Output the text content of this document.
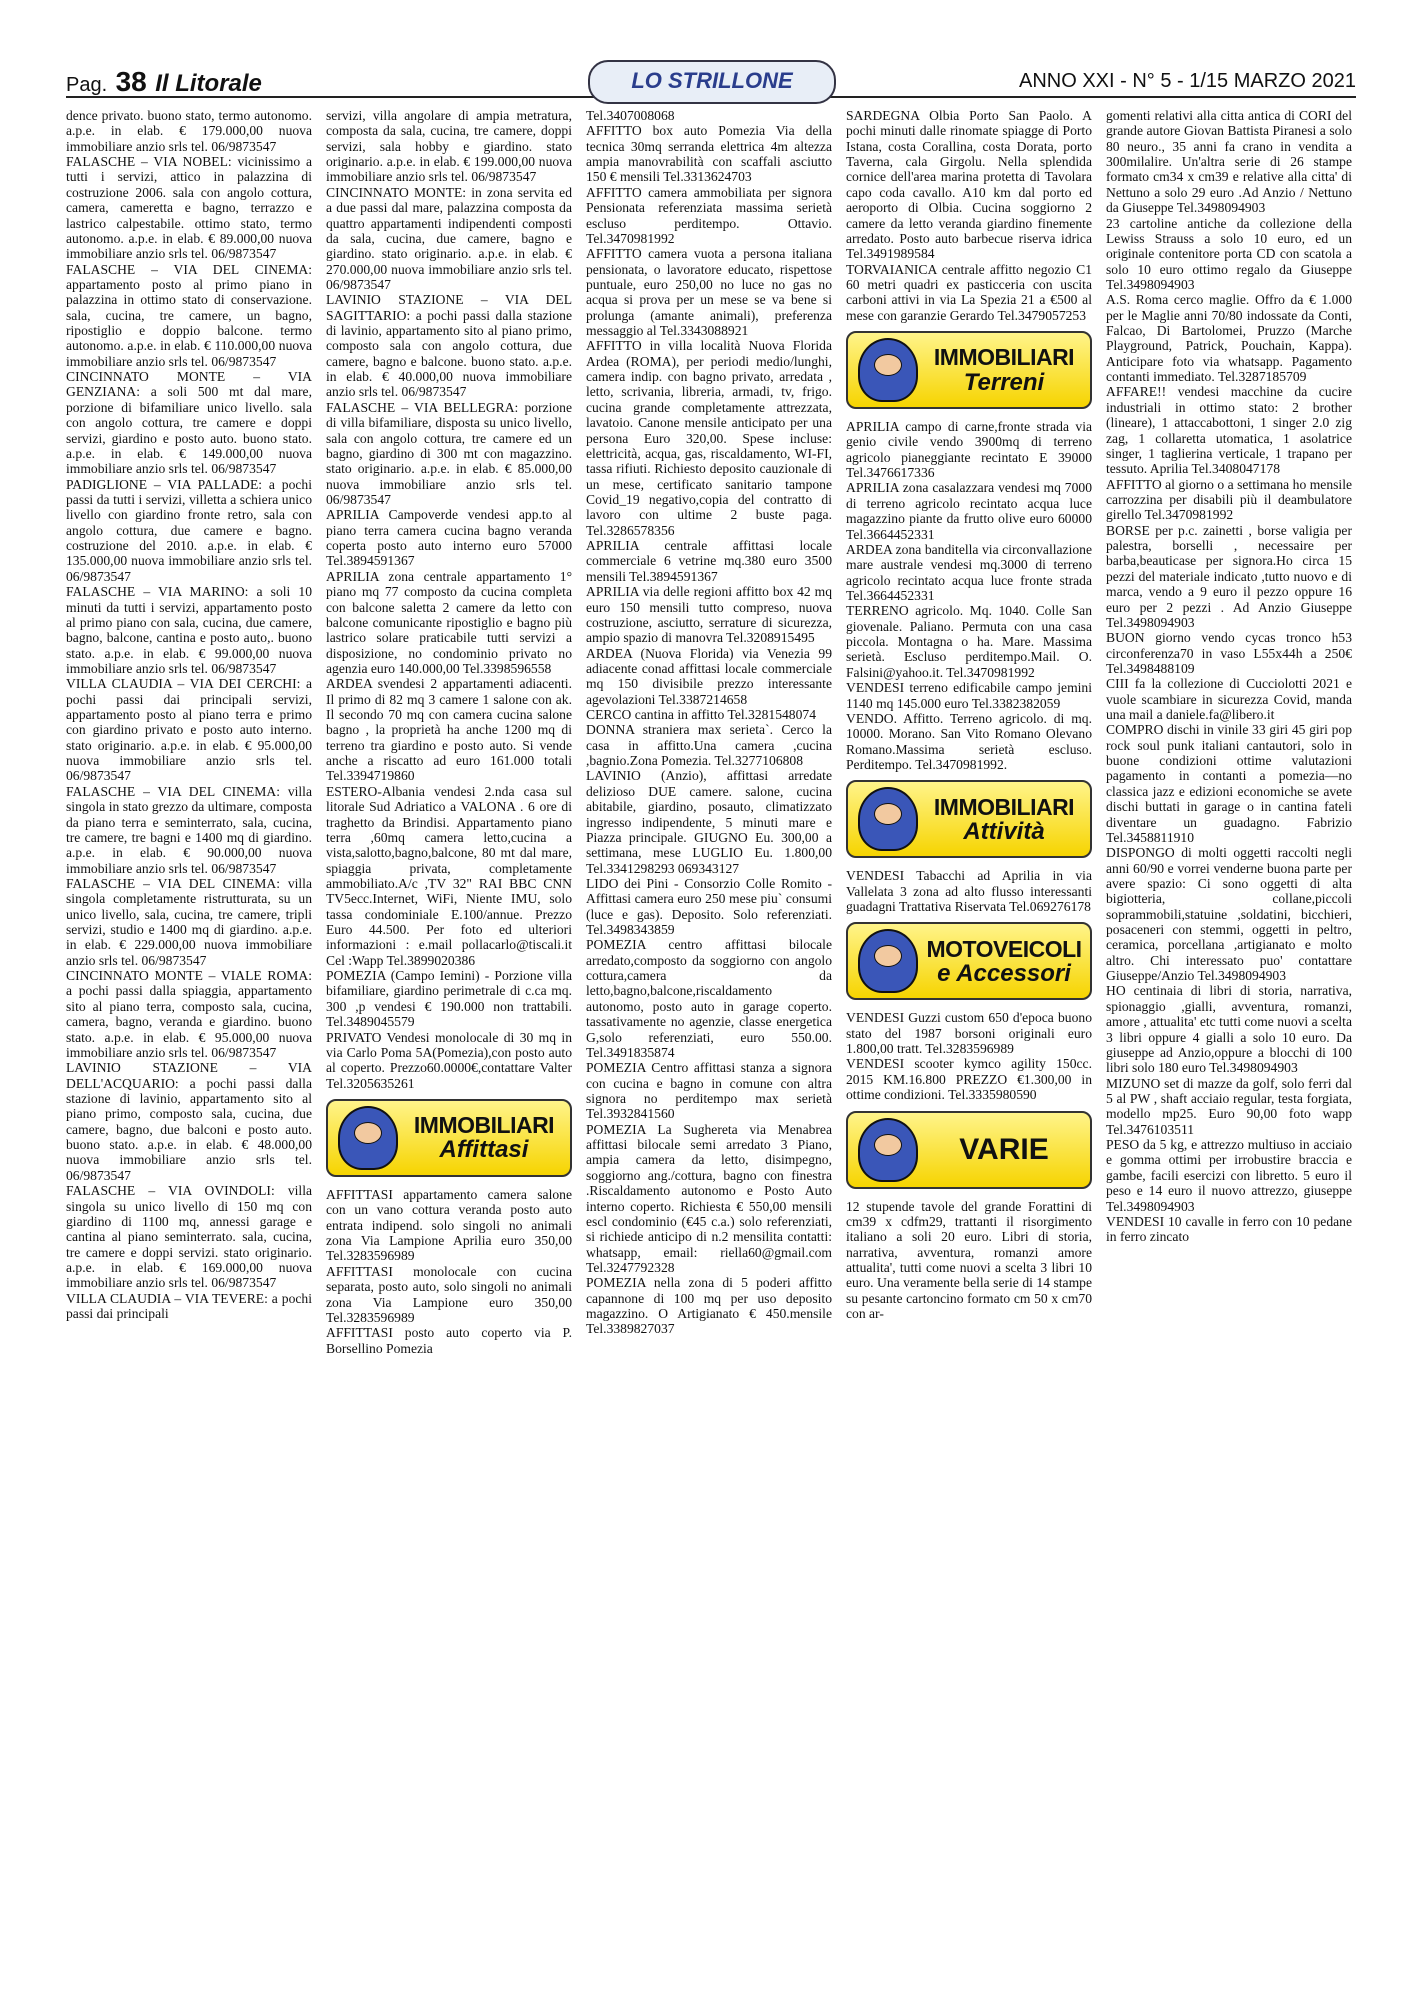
Pag. 38 Il Litorale	ANNO XXI - N° 5 - 1/15 MARZO 2021
LO STRILLONE

dence privato. buono stato, termo autonomo. a.p.e. in elab. € 179.000,00 nuova immobiliare anzio srls tel. 06/9873547

FALASCHE – VIA NOBEL: vicinissimo a tutti i servizi, attico in palazzina di costruzione 2006. sala con angolo cottura, camera, cameretta e bagno, terrazzo e lastrico calpestabile. ottimo stato, termo autonomo. a.p.e. in elab. € 89.000,00 nuova immobiliare anzio srls tel. 06/9873547

FALASCHE – VIA DEL CINEMA: appartamento posto al primo piano in palazzina in ottimo stato di conservazione. sala, cucina, tre camere, un bagno, ripostiglio e doppio balcone. termo autonomo. a.p.e. in elab. € 110.000,00 nuova immobiliare anzio srls tel. 06/9873547

CINCINNATO MONTE – VIA GENZIANA: a soli 500 mt dal mare, porzione di bifamiliare unico livello. sala con angolo cottura, tre camere e doppi servizi, giardino e posto auto. buono stato. a.p.e. in elab. € 149.000,00 nuova immobiliare anzio srls tel. 06/9873547

PADIGLIONE – VIA PALLADE: a pochi passi da tutti i servizi, villetta a schiera unico livello con giardino fronte retro, sala con angolo cottura, due camere e bagno. costruzione del 2010. a.p.e. in elab. € 135.000,00 nuova immobiliare anzio srls tel. 06/9873547

FALASCHE – VIA MARINO: a soli 10 minuti da tutti i servizi, appartamento posto al primo piano con sala, cucina, due camere, bagno, balcone, cantina e posto auto,. buono stato. a.p.e. in elab. € 99.000,00 nuova immobiliare anzio srls tel. 06/9873547

VILLA CLAUDIA – VIA DEI CERCHI: a pochi passi dai principali servizi, appartamento posto al piano terra e primo con giardino privato e posto auto interno. stato originario. a.p.e. in elab. € 95.000,00 nuova immobiliare anzio srls tel. 06/9873547

FALASCHE – VIA DEL CINEMA: villa singola in stato grezzo da ultimare, composta da piano terra e seminterrato, sala, cucina, tre camere, tre bagni e 1400 mq di giardino. a.p.e. in elab. € 90.000,00 nuova immobiliare anzio srls tel. 06/9873547

FALASCHE – VIA DEL CINEMA: villa singola completamente ristrutturata, su un unico livello, sala, cucina, tre camere, tripli servizi, studio e 1400 mq di giardino. a.p.e. in elab. € 229.000,00 nuova immobiliare anzio srls tel. 06/9873547

CINCINNATO MONTE – VIALE ROMA: a pochi passi dalla spiaggia, appartamento sito al piano terra, composto sala, cucina, camera, bagno, veranda e giardino. buono stato. a.p.e. in elab. € 95.000,00 nuova immobiliare anzio srls tel. 06/9873547

LAVINIO STAZIONE – VIA DELL'ACQUARIO: a pochi passi dalla stazione di lavinio, appartamento sito al piano primo, composto sala, cucina, due camere, bagno, due balconi e posto auto. buono stato. a.p.e. in elab. € 48.000,00 nuova immobiliare anzio srls tel. 06/9873547

FALASCHE – VIA OVINDOLI: villa singola su unico livello di 150 mq con giardino di 1100 mq, annessi garage e cantina al piano seminterrato. sala, cucina, tre camere e doppi servizi. stato originario. a.p.e. in elab. € 169.000,00 nuova immobiliare anzio srls tel. 06/9873547

VILLA CLAUDIA – VIA TEVERE: a pochi passi dai principali

servizi, villa angolare di ampia metratura, composta da sala, cucina, tre camere, doppi servizi, sala hobby e giardino. stato originario. a.p.e. in elab. € 199.000,00 nuova immobiliare anzio srls tel. 06/9873547

CINCINNATO MONTE: in zona servita ed a due passi dal mare, palazzina composta da quattro appartamenti indipendenti composti da sala, cucina, due camere, bagno e giardino. stato originario. a.p.e. in elab. € 270.000,00 nuova immobiliare anzio srls tel. 06/9873547

LAVINIO STAZIONE – VIA DEL SAGITTARIO: a pochi passi dalla stazione di lavinio, appartamento sito al piano primo, composto sala con angolo cottura, due camere, bagno e balcone. buono stato. a.p.e. in elab. € 40.000,00 nuova immobiliare anzio srls tel. 06/9873547

FALASCHE – VIA BELLEGRA: porzione di villa bifamiliare, disposta su unico livello, sala con angolo cottura, tre camere ed un bagno, giardino di 300 mt con magazzino. stato originario. a.p.e. in elab. € 85.000,00 nuova immobiliare anzio srls tel. 06/9873547

APRILIA Campoverde vendesi app.to al piano terra camera cucina bagno veranda coperta posto auto interno euro 57000 Tel.3894591367

APRILIA zona centrale appartamento 1° piano mq 77 composto da cucina completa con balcone saletta 2 camere da letto con balcone comunicante ripostiglio e bagno più lastrico solare praticabile tutti servizi a disposizione, no condominio privato no agenzia euro 140.000,00 Tel.3398596558

ARDEA svendesi 2 appartamenti adiacenti. Il primo di 82 mq 3 camere 1 salone con ak. Il secondo 70 mq con camera cucina salone bagno , la proprietà ha anche 1200 mq di terreno tra giardino e posto auto. Si vende anche a riscatto ad euro 161.000 totali Tel.3394719860

ESTERO-Albania vendesi 2.nda casa sul litorale Sud Adriatico a VALONA . 6 ore di traghetto da Brindisi. Appartamento piano terra ,60mq camera letto,cucina a vista,salotto,bagno,balcone, 80 mt dal mare, spiaggia privata, completamente ammobiliato.A/c ,TV 32" RAI BBC CNN TV5ecc.Internet, WiFi, Niente IMU, solo tassa condominiale E.100/annue. Prezzo Euro 44.500. Per foto ed ulteriori informazioni : e.mail pollacarlo@tiscali.it Cel :Wapp Tel.3899020386

POMEZIA (Campo Iemini) - Porzione villa bifamiliare, giardino perimetrale di c.ca mq. 300 ,p vendesi € 190.000 non trattabili. Tel.3489045579

PRIVATO Vendesi monolocale di 30 mq in via Carlo Poma 5A(Pomezia),con posto auto al coperto. Prezzo60.0000€,contattare Valter Tel.3205635261

IMMOBILIARI
Affittasi

AFFITTASI appartamento camera salone con un vano cottura veranda posto auto entrata indipend. solo singoli no animali zona Via Lampione Aprilia euro 350,00 Tel.3283596989

AFFITTASI monolocale con cucina separata, posto auto, solo singoli no animali zona Via Lampione euro 350,00 Tel.3283596989

AFFITTASI posto auto coperto via P. Borsellino Pomezia

Tel.3407008068

AFFITTO box auto Pomezia Via della tecnica 30mq serranda elettrica 4m altezza ampia manovrabilità con scaffali asciutto 150 € mensili Tel.3313624703

AFFITTO camera ammobiliata per signora Pensionata referenziata massima serietà escluso perditempo. Ottavio. Tel.3470981992

AFFITTO camera vuota a persona italiana pensionata, o lavoratore educato, rispettose puntuale, euro 250,00 no luce no gas no acqua si prova per un mese se va bene si prolunga (amante animali), preferenza messaggio al Tel.3343088921

AFFITTO in villa località Nuova Florida Ardea (ROMA), per periodi medio/lunghi, camera indip. con bagno privato, arredata , letto, scrivania, libreria, armadi, tv, frigo. cucina grande completamente attrezzata, lavatoio. Canone mensile anticipato per una persona Euro 320,00. Spese incluse: elettricità, acqua, gas, riscaldamento, WI-FI, tassa rifiuti. Richiesto deposito cauzionale di un mese, certificato sanitario tampone Covid_19 negativo,copia del contratto di lavoro con ultime 2 buste paga. Tel.3286578356

APRILIA centrale affittasi locale commerciale 6 vetrine mq.380 euro 3500 mensili Tel.3894591367

APRILIA via delle regioni affitto box 42 mq euro 150 mensili tutto compreso, nuova costruzione, asciutto, serrature di sicurezza, ampio spazio di manovra Tel.3208915495

ARDEA (Nuova Florida) via Venezia 99 adiacente conad affittasi locale commerciale mq 150 divisibile prezzo interessante agevolazioni Tel.3387214658

CERCO cantina in affitto Tel.3281548074

DONNA straniera max serieta`. Cerco la casa in affitto.Una camera ,cucina ,bagnio.Zona Pomezia. Tel.3277106808

LAVINIO (Anzio), affittasi arredate delizioso DUE camere. salone, cucina abitabile, giardino, posauto, climatizzato ingresso indipendente, 5 minuti mare e Piazza principale. GIUGNO Eu. 300,00 a settimana, mese LUGLIO Eu. 1.800,00 Tel.3341298293 069343127

LIDO dei Pini - Consorzio Colle Romito - Affittasi camera euro 250 mese piu` consumi (luce e gas). Deposito. Solo referenziati. Tel.3498343859

POMEZIA centro affittasi bilocale arredato,composto da soggiorno con angolo cottura,camera da letto,bagno,balcone,riscaldamento autonomo, posto auto in garage coperto. tassativamente no agenzie, classe energetica G,solo referenziati, euro 550.00. Tel.3491835874

POMEZIA Centro affittasi stanza a signora con cucina e bagno in comune con altra signora no perditempo max serietà Tel.3932841560

POMEZIA La Sughereta via Menabrea affittasi bilocale semi arredato 3 Piano, ampia camera da letto, disimpegno, soggiorno ang./cottura, bagno con finestra .Riscaldamento autonomo e Posto Auto interno coperto. Richiesta € 550,00 mensili escl condominio (€45 c.a.) solo referenziati, si richiede anticipo di n.2 mensilita contatti: whatsapp, email: riella60@gmail.com Tel.3247792328

POMEZIA nella zona di 5 poderi affitto capannone di 100 mq per uso deposito magazzino. O Artigianato € 450.mensile Tel.3389827037

SARDEGNA Olbia Porto San Paolo. A pochi minuti dalle rinomate spiagge di Porto Istana, costa Corallina, costa Dorata, porto Taverna, cala Girgolu. Nella splendida cornice dell'area marina protetta di Tavolara capo coda cavallo. A10 km dal porto ed aeroporto di Olbia. Cucina soggiorno 2 camere da letto veranda giardino finemente arredato. Posto auto barbecue riserva idrica Tel.3491989584

TORVAIANICA centrale affitto negozio C1 60 metri quadri ex pasticceria con uscita carboni attivi in via La Spezia 21 a €500 al mese con garanzie Gerardo Tel.3479057253

IMMOBILIARI
Terreni

APRILIA campo di carne,fronte strada via genio civile vendo 3900mq di terreno agricolo pianeggiante recintato E 39000 Tel.3476617336

APRILIA zona casalazzara vendesi mq 7000 di terreno agricolo recintato acqua luce magazzino piante da frutto olive euro 60000 Tel.3664452331

ARDEA zona banditella via circonvallazione mare australe vendesi mq.3000 di terreno agricolo recintato acqua luce fronte strada Tel.3664452331

TERRENO agricolo. Mq. 1040. Colle San giovenale. Paliano. Permuta con una casa piccola. Montagna o ha. Mare. Massima serietà. Escluso perditempo.Mail. O. Falsini@yahoo.it. Tel.3470981992

VENDESI terreno edificabile campo jemini 1140 mq 145.000 euro Tel.3382382059

VENDO. Affitto. Terreno agricolo. di mq. 10000. Morano. San Vito Romano Olevano Romano.Massima serietà escluso. Perditempo. Tel.3470981992.

IMMOBILIARI
Attività

VENDESI Tabacchi ad Aprilia in via Vallelata 3 zona ad alto flusso interessanti guadagni Trattativa Riservata Tel.069276178

MOTOVEICOLI
e Accessori

VENDESI Guzzi custom 650 d'epoca buono stato del 1987 borsoni originali euro 1.800,00 tratt. Tel.3283596989

VENDESI scooter kymco agility 150cc. 2015 KM.16.800 PREZZO €1.300,00 in ottime condizioni. Tel.3335980590

VARIE

12 stupende tavole del grande Forattini di cm39 x cdfm29, trattanti il risorgimento italiano a soli 20 euro. Libri di storia, narrativa, avventura, romanzi amore attualita', tutti come nuovi a scelta 3 libri 10 euro. Una veramente bella serie di 14 stampe su pesante cartoncino formato cm 50 x cm70 con ar-

gomenti relativi alla citta antica di CORI del grande autore Giovan Battista Piranesi a solo 80 neuro., 35 anni fa crano in vendita a 300milalire. Un'altra serie di 26 stampe formato cm34 x cm39 e relative alla citta' di Nettuno a solo 29 euro .Ad Anzio / Nettuno da Giuseppe Tel.3498094903

23 cartoline antiche da collezione della Lewiss Strauss a solo 10 euro, ed un originale contenitore porta CD con scatola a solo 10 euro ottimo regalo da Giuseppe Tel.3498094903

A.S. Roma cerco maglie. Offro da € 1.000 per le Maglie anni 70/80 indossate da Conti, Falcao, Di Bartolomei, Pruzzo (Marche Playground, Patrick, Pouchain, Kappa). Anticipare foto via whatsapp. Pagamento contanti immediato. Tel.3287185709

AFFARE!! vendesi macchine da cucire industriali in ottimo stato: 2 brother (lineare), 1 attaccabottoni, 1 singer 2.0 zig zag, 1 collaretta utomatica, 1 asolatrice singer, 1 taglierina verticale, 1 trapano per tessuto. Aprilia Tel.3408047178

AFFITTO al giorno o a settimana ho mensile carrozzina per disabili più il deambulatore girello Tel.3470981992

BORSE per p.c. zainetti , borse valigia per palestra, borselli , necessaire per barba,beauticase per signora.Ho circa 15 pezzi del materiale indicato ,tutto nuovo e di marca, vendo a 9 euro il pezzo oppure 16 euro per 2 pezzi . Ad Anzio Giuseppe Tel.3498094903

BUON giorno vendo cycas tronco h53 circonferenza70 in vaso L55x44h a 250€ Tel.3498488109

CIII fa la collezione di Cucciolotti 2021 e vuole scambiare in sicurezza Covid, manda una mail a daniele.fa@libero.it

COMPRO dischi in vinile 33 giri 45 giri pop rock soul punk italiani cantautori, solo in buone condizioni ottime valutazioni pagamento in contanti a pomezia—no classica jazz e edizioni economiche se avete dischi buttati in garage o in cantina fateli diventare un guadagno. Fabrizio Tel.3458811910

DISPONGO di molti oggetti raccolti negli anni 60/90 e vorrei venderne buona parte per avere spazio: Ci sono oggetti di alta bigiotteria, collane,piccoli soprammobili,statuine ,soldatini, bicchieri, posaceneri con stemmi, oggetti in peltro, ceramica, porcellana ,artigianato e molto altro. Chi interessato puo' contattare Giuseppe/Anzio Tel.3498094903

HO centinaia di libri di storia, narrativa, spionaggio ,gialli, avventura, romanzi, amore , attualita' etc tutti come nuovi a scelta 3 libri oppure 4 gialli a solo 10 euro. Da giuseppe ad Anzio,oppure a blocchi di 100 libri solo 180 euro Tel.3498094903

MIZUNO set di mazze da golf, solo ferri dal 5 al PW , shaft acciaio regular, testa forgiata, modello mp25. Euro 90,00 foto wapp Tel.3476103511

PESO da 5 kg, e attrezzo multiuso in acciaio e gomma ottimi per irrobustire braccia e gambe, facili esercizi con libretto. 5 euro il peso e 14 euro il nuovo attrezzo, giuseppe Tel.3498094903

VENDESI 10 cavalle in ferro con 10 pedane in ferro zincato
